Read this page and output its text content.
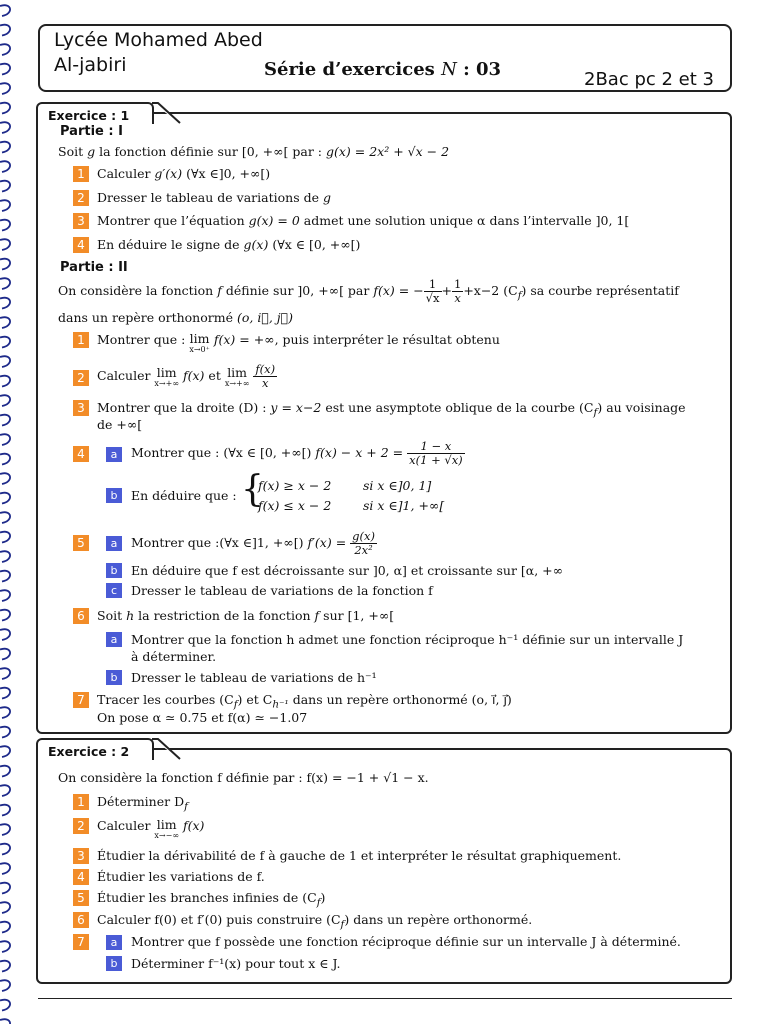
Lycée Mohamed Abed
Al-jabiri	Série d’exercices N : 03	2Bac pc 2 et 3
Exercice : 1
Partie : I
Soit g la fonction définie sur [0, +∞[ par : g(x) = 2x² + √x − 2
1 Calculer g′(x) (∀x ∈]0, +∞[)
2 Dresser le tableau de variations de g
3 Montrer que l’équation g(x) = 0 admet une solution unique α dans l’intervalle ]0, 1[
4 En déduire le signe de g(x) (∀x ∈ [0, +∞[)
Partie : II
On considère la fonction f définie sur ]0, +∞[ par f(x) = − $\frac{1}{√x} + \frac{1}{x} +x-2$ $(C_f)$ sa courbe représentatif
dans un repère orthonormé (o, i⃗, j⃗)
1 Montrer que : lim
x→0⁺
f(x) = +∞, puis interpréter le résultat obtenu
2 Calculer lim
x→+∞ f(x) et lim
x→+∞
$\frac{f(x)}{x}$
3 Montrer que la droite (D) : y = x−2 est une asymptote oblique de la courbe $(C_f)$ au voisinage
de +∞[
4	a	Montrer que : (∀x ∈ [0, +∞[) $f(x) - x + 2 = \frac{1 - x}{x(1 + √x)}$
b	En déduire que : {
f(x) ≥ x − 2	si x ∈]0, 1]
f(x) ≤ x − 2	si x ∈]1, +∞[
5	a	Montrer que :(∀x ∈]1, +∞[) $f'(x) = \frac{g(x)}{\text{2x²}}$
b	En déduire que f est décroissante sur ]0, α] et croissante sur [α, +∞
c	Dresser le tableau de variations de la fonction f
6 Soit h la restriction de la fonction f sur [1, +∞[
a	Montrer que la fonction h admet une fonction réciproque h⁻¹ définie sur un intervalle J
à déterminer.
b	Dresser le tableau de variations de h⁻¹
7 Tracer les courbes $(C_f)$ et $C_{h^{-1}}$ dans un repère orthonormé (o, i⃗, j⃗)
On pose α ≃ 0.75 et f(α) ≃ −1.07
Exercice : 2
On considère la fonction f définie par : f(x) = −1 + √1 − x.
1 Déterminer $D_f$
2 Calculer lim
x→−∞
f(x)
3 Étudier la dérivabilité de f à gauche de 1 et interpréter le résultat graphiquement.
4 Étudier les variations de f.
5 Étudier les branches infinies de $(C_f)$
6 Calculer f(0) et f′(0) puis construire $(C_f)$ dans un repère orthonormé.
7	a	Montrer que f possède une fonction réciproque définie sur un intervalle J à déterminé.
b	Déterminer f⁻¹(x) pour tout x ∈ J.
